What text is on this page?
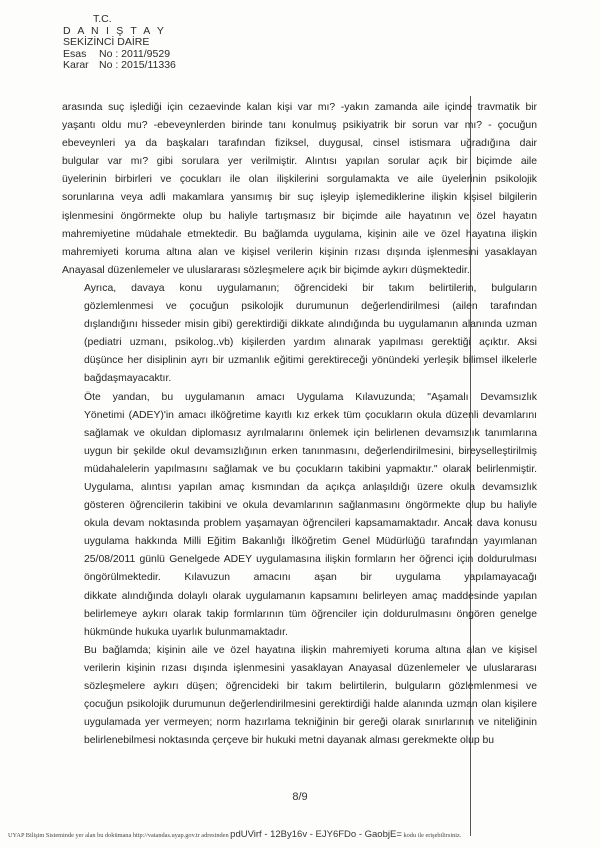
T.C.
D A N I Ş T A Y
SEKİZİNCİ DAİRE
Esas	No : 2011/9529
Karar No : 2015/11336

arasında suç işlediği için cezaevinde kalan kişi var mı? -yakın zamanda aile içinde travmatik bir
yaşantı oldu mu? -ebeveynlerden birinde tanı konulmuş psikiyatrik bir sorun var mı? - çocuğun
ebeveynleri ya da başkaları tarafından fiziksel, duygusal, cinsel istismara uğradığına dair
bulgular var mı? gibi sorulara yer verilmiştir. Alıntısı yapılan sorular açık bir biçimde aile
üyelerinin birbirleri ve çocukları ile olan ilişkilerini sorgulamakta ve aile üyelerinin psikolojik
sorunlarına veya adli makamlara yansımış bir suç işleyip işlemediklerine ilişkin kişisel bilgilerin
işlenmesini öngörmekte olup bu haliyle tartışmasız bir biçimde aile hayatının ve özel hayatın
mahremiyetine müdahale etmektedir. Bu bağlamda uygulama, kişinin aile ve özel hayatına ilişkin
mahremiyeti koruma altına alan ve kişisel verilerin kişinin rızası dışında işlenmesini yasaklayan
Anayasal düzenlemeler ve uluslararası sözleşmelere açık bir biçimde aykırı düşmektedir.

Ayrıca, davaya konu uygulamanın; öğrencideki bir takım belirtilerin, bulguların
gözlemlenmesi ve çocuğun psikolojik durumunun değerlendirilmesi (ailen tarafından
dışlandığını hisseder misin gibi) gerektirdiği dikkate alındığında bu uygulamanın alanında uzman
(pediatri uzmanı, psikolog..vb) kişilerden yardım alınarak yapılması gerektiği açıktır. Aksi
düşünce her disiplinin ayrı bir uzmanlık eğitimi gerektireceği yönündeki yerleşik bilimsel ilkelerle
bağdaşmayacaktır.

Öte yandan, bu uygulamanın amacı Uygulama Kılavuzunda; "Aşamalı Devamsızlık
Yönetimi (ADEY)'in amacı ilköğretime kayıtlı kız erkek tüm çocukların okula düzenli devamlarını
sağlamak ve okuldan diplomasız ayrılmalarını önlemek için belirlenen devamsızlık tanımlarına
uygun bir şekilde okul devamsızlığının erken tanınmasını, değerlendirilmesini, bireyselleştirilmiş
müdahalelerin yapılmasını sağlamak ve bu çocukların takibini yapmaktır." olarak belirlenmiştir.
Uygulama, alıntısı yapılan amaç kısmından da açıkça anlaşıldığı üzere okula devamsızlık
gösteren öğrencilerin takibini ve okula devamlarının sağlanmasını öngörmekte olup bu haliyle
okula devam noktasında problem yaşamayan öğrencileri kapsamamaktadır. Ancak dava konusu
uygulama hakkında Milli Eğitim Bakanlığı İlköğretim Genel Müdürlüğü tarafından yayımlanan
25/08/2011 günlü Genelgede ADEY uygulamasına ilişkin formların her öğrenci için doldurulması
öngörülmektedir. Kılavuzun amacını aşan bir uygulama yapılamayacağı
dikkate alındığında dolaylı olarak uygulamanın kapsamını belirleyen amaç maddesinde yapılan
belirlemeye aykırı olarak takip formlarının tüm öğrenciler için doldurulmasını öngören genelge
hükmünde hukuka uyarlık bulunmamaktadır.

Bu bağlamda; kişinin aile ve özel hayatına ilişkin mahremiyeti koruma altına alan ve kişisel
verilerin kişinin rızası dışında işlenmesini yasaklayan Anayasal düzenlemeler ve uluslararası
sözleşmelere aykırı düşen; öğrencideki bir takım belirtilerin, bulguların gözlemlenmesi ve
çocuğun psikolojik durumunun değerlendirilmesini gerektirdiği halde alanında uzman olan kişilere
uygulamada yer vermeyen; norm hazırlama tekniğinin bir gereği olarak sınırlarının ve niteliğinin
belirlenebilmesi noktasında çerçeve bir hukuki metni dayanak alması gerekmekte olup bu

8/9
UYAP Bilişim Sisteminde yer alan bu dokümana http://vatandas.uyap.gov.tr adresinden pdUVirf - 12By16v - EJY6FDo - GaobjE= kodu ile erişebilirsiniz.
